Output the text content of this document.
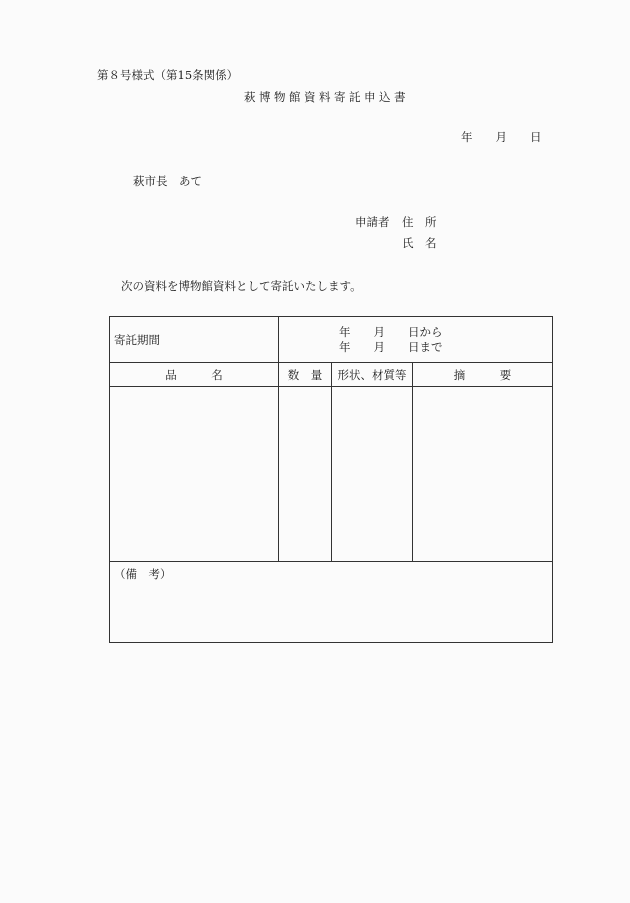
第８号様式（第15条関係）
萩博物館資料寄託申込書
年　　月　　日
萩市長　あて
申請者 住　所
氏　名
次の資料を博物館資料として寄託いたします。
寄託期間	年　　月　　日から
年　　月　　日まで		

品　　　名	数　量	形状、材質等	摘　　　要

（備　考）			
